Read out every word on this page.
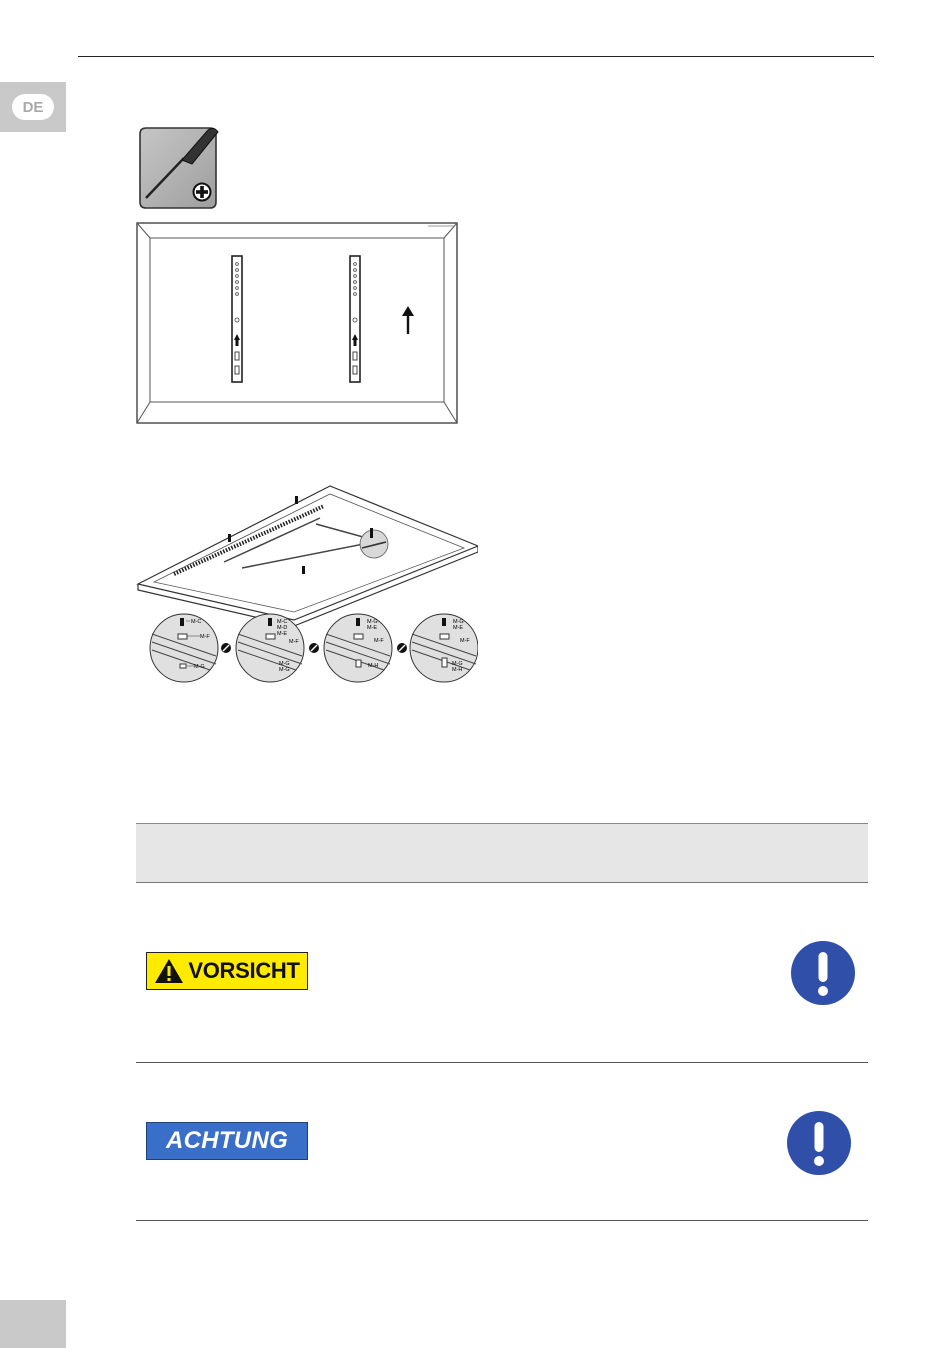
DE
M-C
M-F
M-G
M-C
M-D
M-E
M-F
M-G
M-G
M-G
M-E
M-F
M-H
M-G
M-E
M-F
M-G
M-H
VORSICHT
ACHTUNG
